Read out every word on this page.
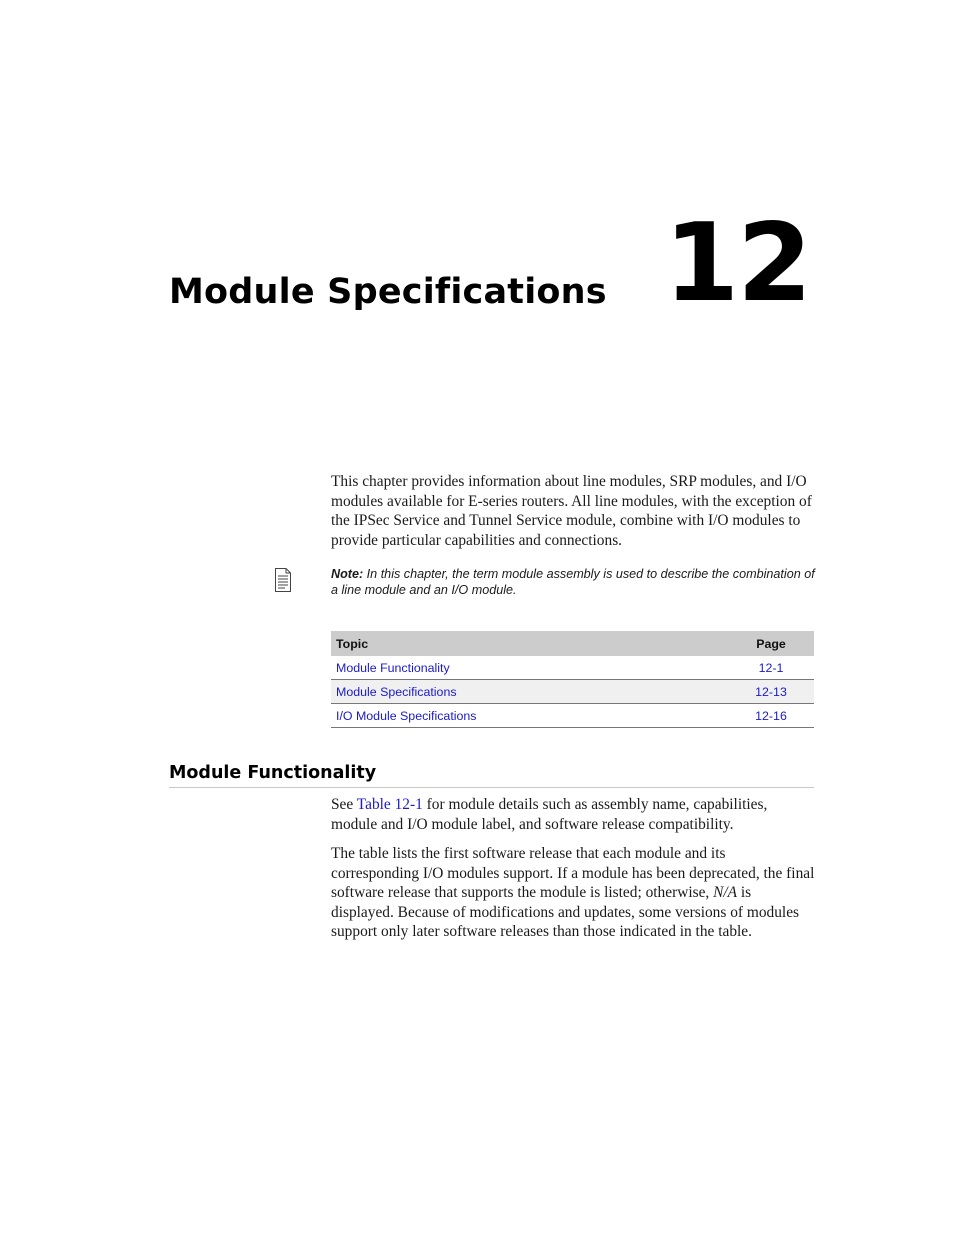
Module Specifications 12

This chapter provides information about line modules, SRP modules, and I/O modules available for E-series routers. All line modules, with the exception of the IPSec Service and Tunnel Service module, combine with I/O modules to provide particular capabilities and connections.

Note: In this chapter, the term module assembly is used to describe the combination of a line module and an I/O module.

Topic	Page
Module Functionality	12-1
Module Specifications	12-13
I/O Module Specifications	12-16
Module Functionality

See Table 12-1 for module details such as assembly name, capabilities, module and I/O module label, and software release compatibility.

The table lists the first software release that each module and its corresponding I/O modules support. If a module has been deprecated, the final software release that supports the module is listed; otherwise, N/A is displayed. Because of modifications and updates, some versions of modules support only later software releases than those indicated in the table.
